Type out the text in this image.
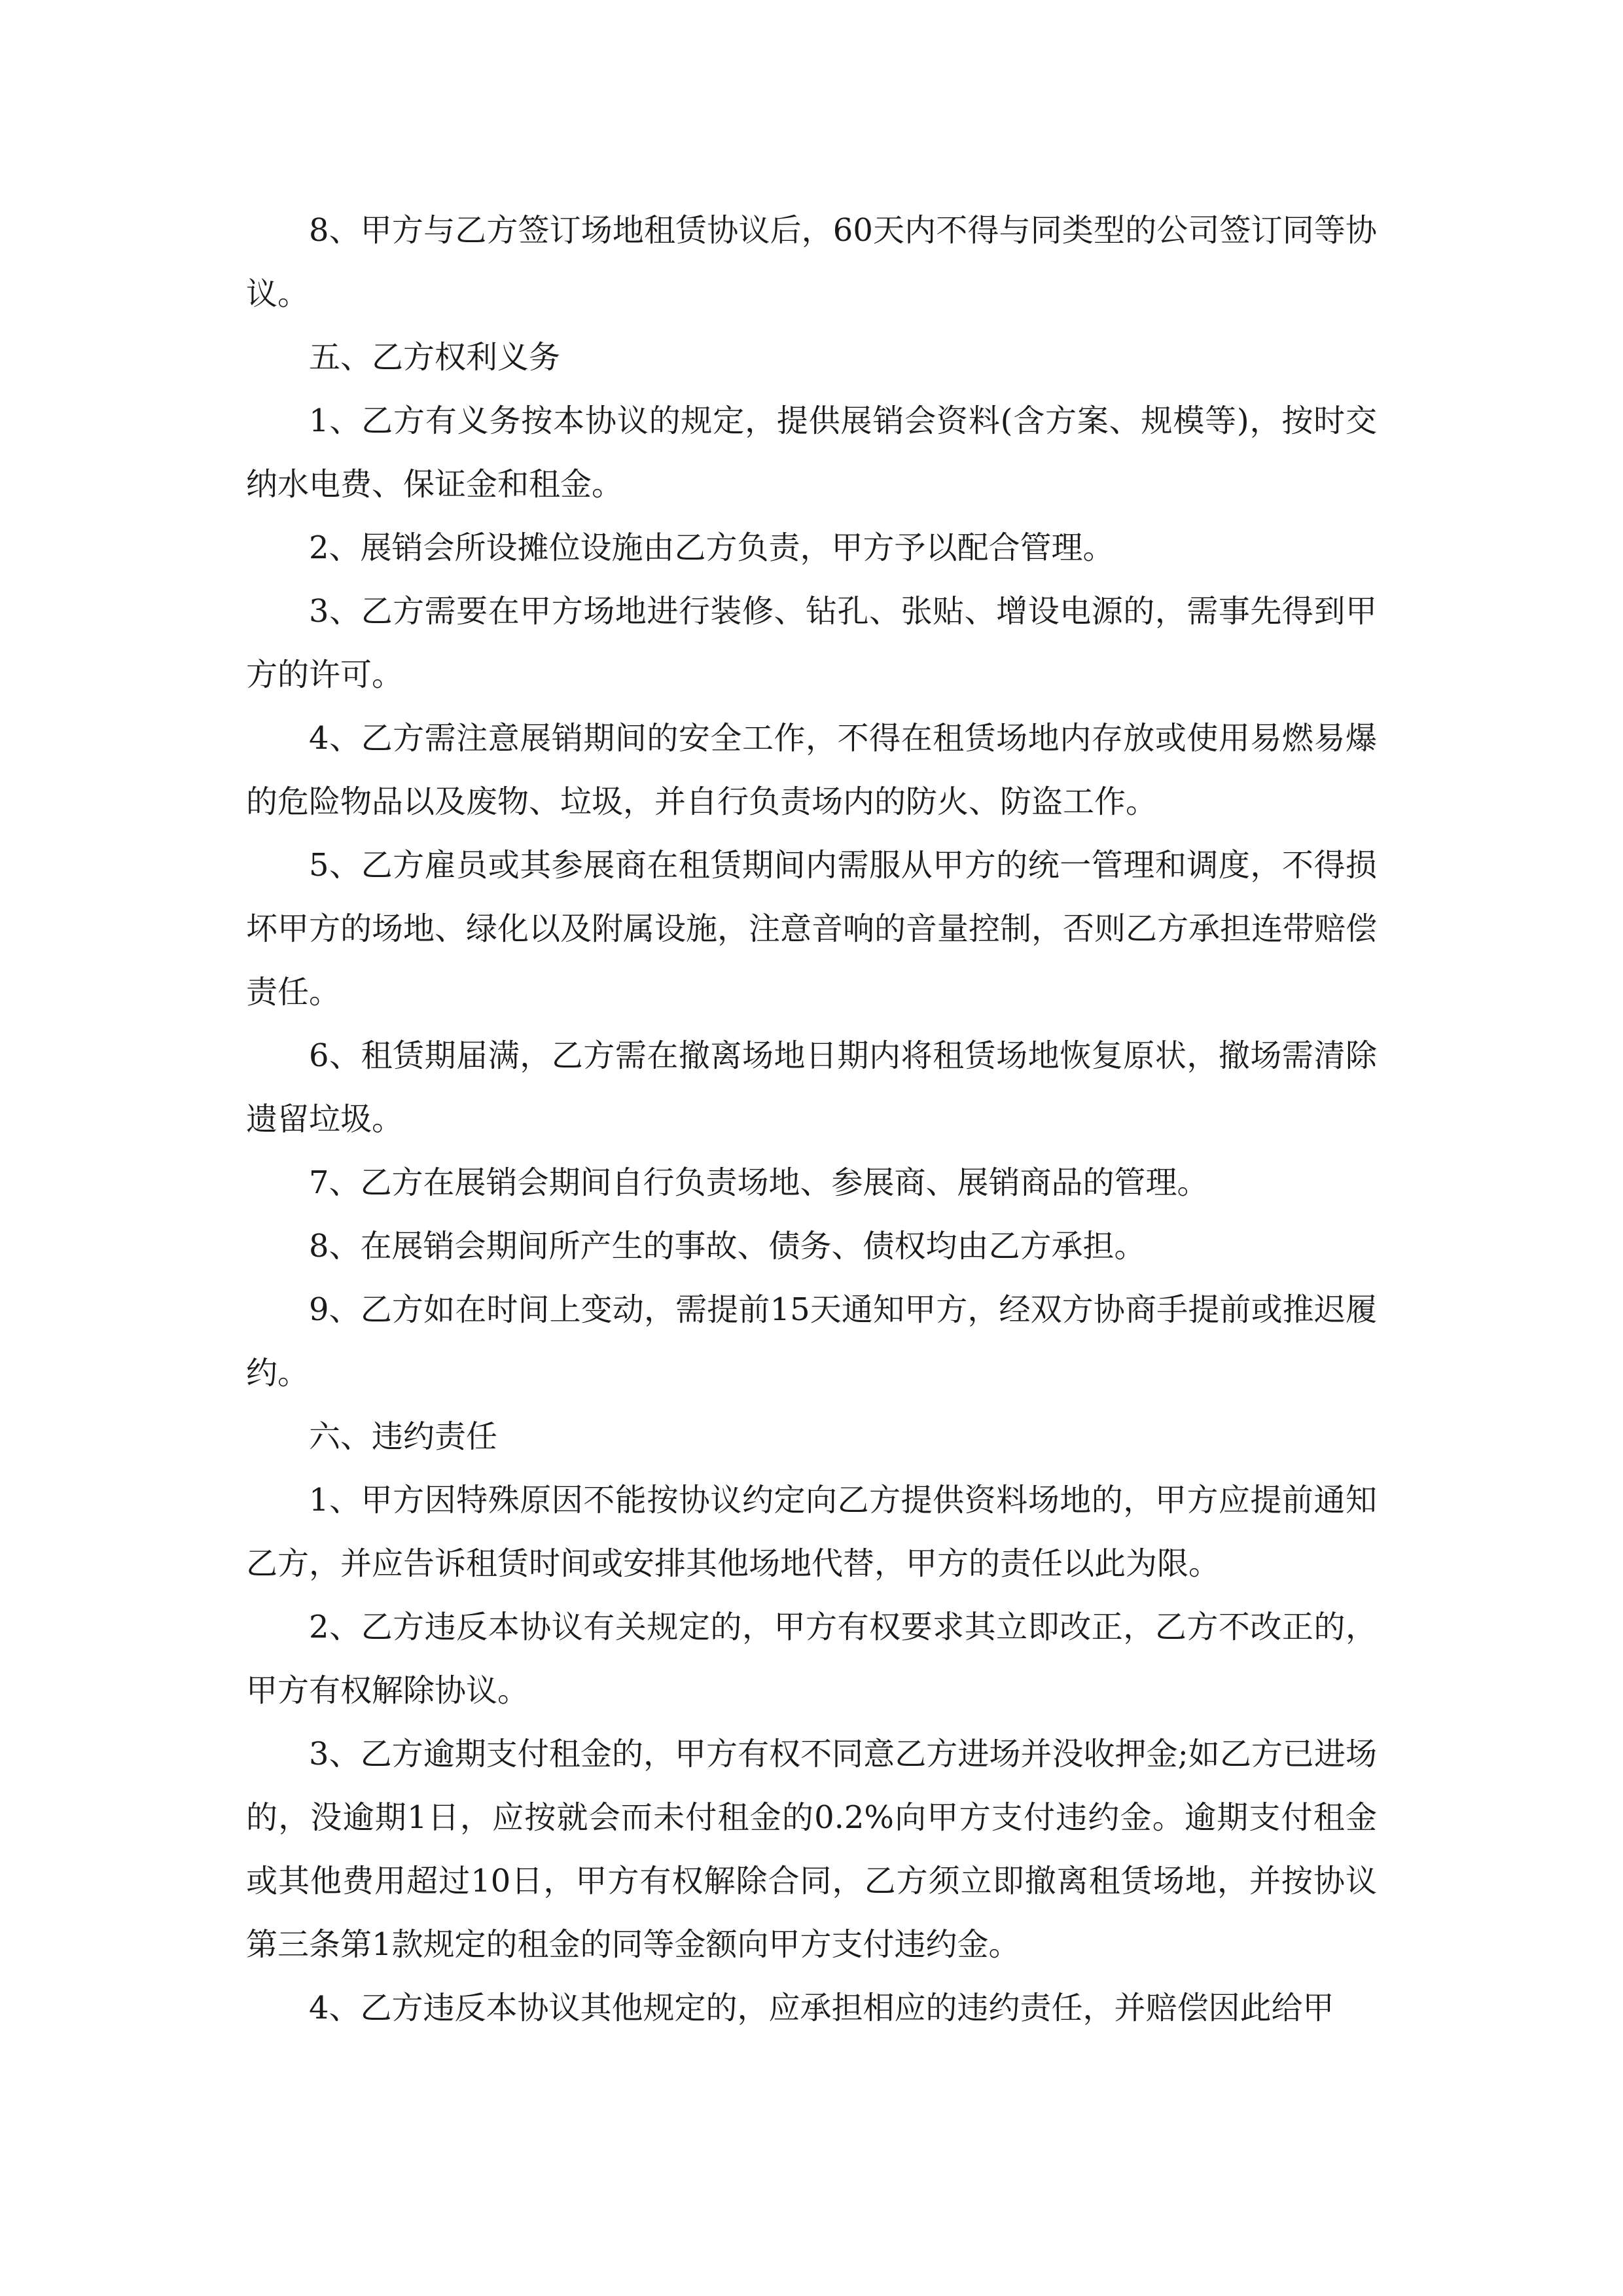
8、甲方与乙方签订场地租赁协议后，60天内不得与同类型的公司签订同等协议。

五、乙方权利义务

1、乙方有义务按本协议的规定，提供展销会资料(含方案、规模等)，按时交纳水电费、保证金和租金。

2、展销会所设摊位设施由乙方负责，甲方予以配合管理。

3、乙方需要在甲方场地进行装修、钻孔、张贴、增设电源的，需事先得到甲方的许可。

4、乙方需注意展销期间的安全工作，不得在租赁场地内存放或使用易燃易爆的危险物品以及废物、垃圾，并自行负责场内的防火、防盗工作。

5、乙方雇员或其参展商在租赁期间内需服从甲方的统一管理和调度，不得损坏甲方的场地、绿化以及附属设施，注意音响的音量控制，否则乙方承担连带赔偿责任。

6、租赁期届满，乙方需在撤离场地日期内将租赁场地恢复原状，撤场需清除遗留垃圾。

7、乙方在展销会期间自行负责场地、参展商、展销商品的管理。

8、在展销会期间所产生的事故、债务、债权均由乙方承担。

9、乙方如在时间上变动，需提前15天通知甲方，经双方协商手提前或推迟履约。

六、违约责任

1、甲方因特殊原因不能按协议约定向乙方提供资料场地的，甲方应提前通知乙方，并应告诉租赁时间或安排其他场地代替，甲方的责任以此为限。

2、乙方违反本协议有关规定的，甲方有权要求其立即改正，乙方不改正的，甲方有权解除协议。

3、乙方逾期支付租金的，甲方有权不同意乙方进场并没收押金;如乙方已进场的，没逾期1日，应按就会而未付租金的0.2%向甲方支付违约金。逾期支付租金或其他费用超过10日，甲方有权解除合同，乙方须立即撤离租赁场地，并按协议第三条第1款规定的租金的同等金额向甲方支付违约金。

4、乙方违反本协议其他规定的，应承担相应的违约责任，并赔偿因此给甲
